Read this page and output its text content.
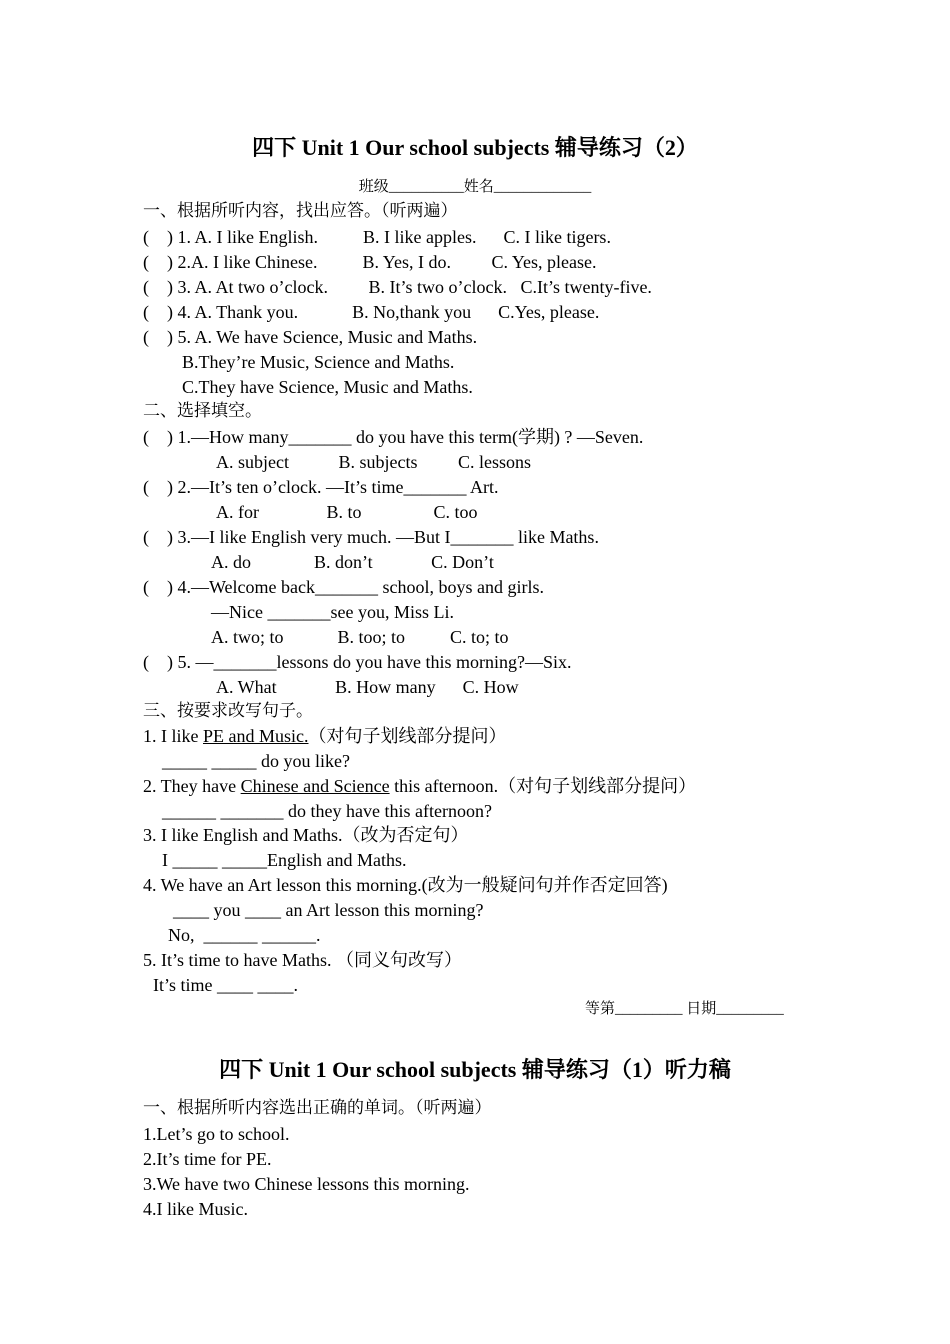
四下 Unit 1 Our school subjects 辅导练习（2）
班级__________姓名_____________
一、根据所听内容，找出应答。（听两遍）
(    ) 1. A. I like English.          B. I like apples.      C. I like tigers.
(    ) 2.A. I like Chinese.          B. Yes, I do.         C. Yes, please.
(    ) 3. A. At two o’clock.         B. It’s two o’clock.   C.It’s twenty-five.
(    ) 4. A. Thank you.            B. No,thank you      C.Yes, please.
(    ) 5. A. We have Science, Music and Maths.
B.They’re Music, Science and Maths.
C.They have Science, Music and Maths.
二、选择填空。
(    ) 1.—How many_______ do you have this term(学期) ? —Seven.
A. subject           B. subjects         C. lessons
(    ) 2.—It’s ten o’clock. —It’s time_______ Art.
A. for               B. to                C. too
(    ) 3.—I like English very much. —But I_______ like Maths.
A. do              B. don’t             C. Don’t
(    ) 4.—Welcome back_______ school, boys and girls.
—Nice _______see you, Miss Li.
A. two; to            B. too; to          C. to; to
(    ) 5. —_______lessons do you have this morning?—Six.
A. What             B. How many      C. How
三、按要求改写句子。
1. I like PE and Music.（对句子划线部分提问）
_____ _____ do you like?
2. They have Chinese and Science this afternoon.（对句子划线部分提问）
______ _______ do they have this afternoon?
3. I like English and Maths.（改为否定句）
I _____ _____English and Maths.
4. We have an Art lesson this morning.(改为一般疑问句并作否定回答)
____ you ____ an Art lesson this morning?
No,  ______ ______.
5. It’s time to have Maths. （同义句改写）
It’s time ____ ____.
等第_________ 日期_________
四下 Unit 1 Our school subjects 辅导练习（1）听力稿
一、根据所听内容选出正确的单词。（听两遍）
1.Let’s go to school.
2.It’s time for PE.
3.We have two Chinese lessons this morning.
4.I like Music.
